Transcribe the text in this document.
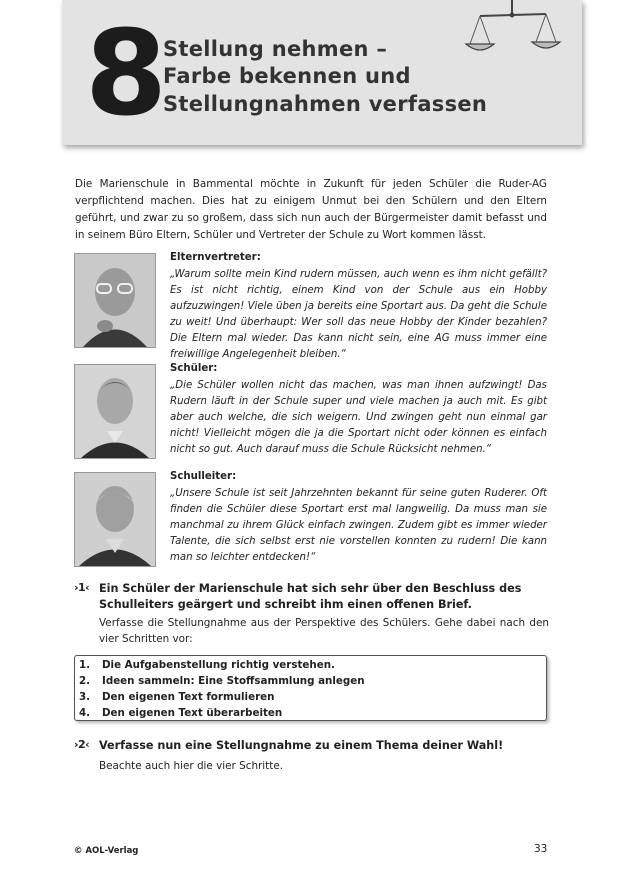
8
Stellung nehmen –
Farbe bekennen und
Stellungnahmen verfassen
Die Marienschule in Bammental möchte in Zukunft für jeden Schüler die Ruder-AG verpflichtend machen. Dies hat zu einigem Unmut bei den Schülern und den Eltern geführt, und zwar zu so großem, dass sich nun auch der Bürgermeister damit befasst und in seinem Büro Eltern, Schüler und Vertreter der Schule zu Wort kommen lässt.
Elternvertreter:
„Warum sollte mein Kind rudern müssen, auch wenn es ihm nicht gefällt? Es ist nicht richtig, einem Kind von der Schule aus ein Hobby aufzuzwingen! Viele üben ja bereits eine Sportart aus. Da geht die Schule zu weit! Und überhaupt: Wer soll das neue Hobby der Kinder bezahlen? Die Eltern mal wieder. Das kann nicht sein, eine AG muss immer eine freiwillige Angelegenheit bleiben.“
Schüler:
„Die Schüler wollen nicht das machen, was man ihnen aufzwingt! Das Rudern läuft in der Schule super und viele machen ja auch mit. Es gibt aber auch welche, die sich weigern. Und zwingen geht nun einmal gar nicht! Vielleicht mögen die ja die Sportart nicht oder können es einfach nicht so gut. Auch darauf muss die Schule Rücksicht nehmen.“
Schulleiter:
„Unsere Schule ist seit Jahrzehnten bekannt für seine guten Ruderer. Oft finden die Schüler diese Sportart erst mal langweilig. Da muss man sie manchmal zu ihrem Glück einfach zwingen. Zudem gibt es immer wieder Talente, die sich selbst erst nie vorstellen konnten zu rudern! Die kann man so leichter entdecken!“
›1‹ Ein Schüler der Marienschule hat sich sehr über den Beschluss des Schulleiters geärgert und schreibt ihm einen offenen Brief.
Verfasse die Stellungnahme aus der Perspektive des Schülers. Gehe dabei nach den vier Schritten vor:
1. Die Aufgabenstellung richtig verstehen.
2. Ideen sammeln: Eine Stoffsammlung anlegen
3. Den eigenen Text formulieren
4. Den eigenen Text überarbeiten
›2‹ Verfasse nun eine Stellungnahme zu einem Thema deiner Wahl!
Beachte auch hier die vier Schritte.
© AOL-Verlag	33
